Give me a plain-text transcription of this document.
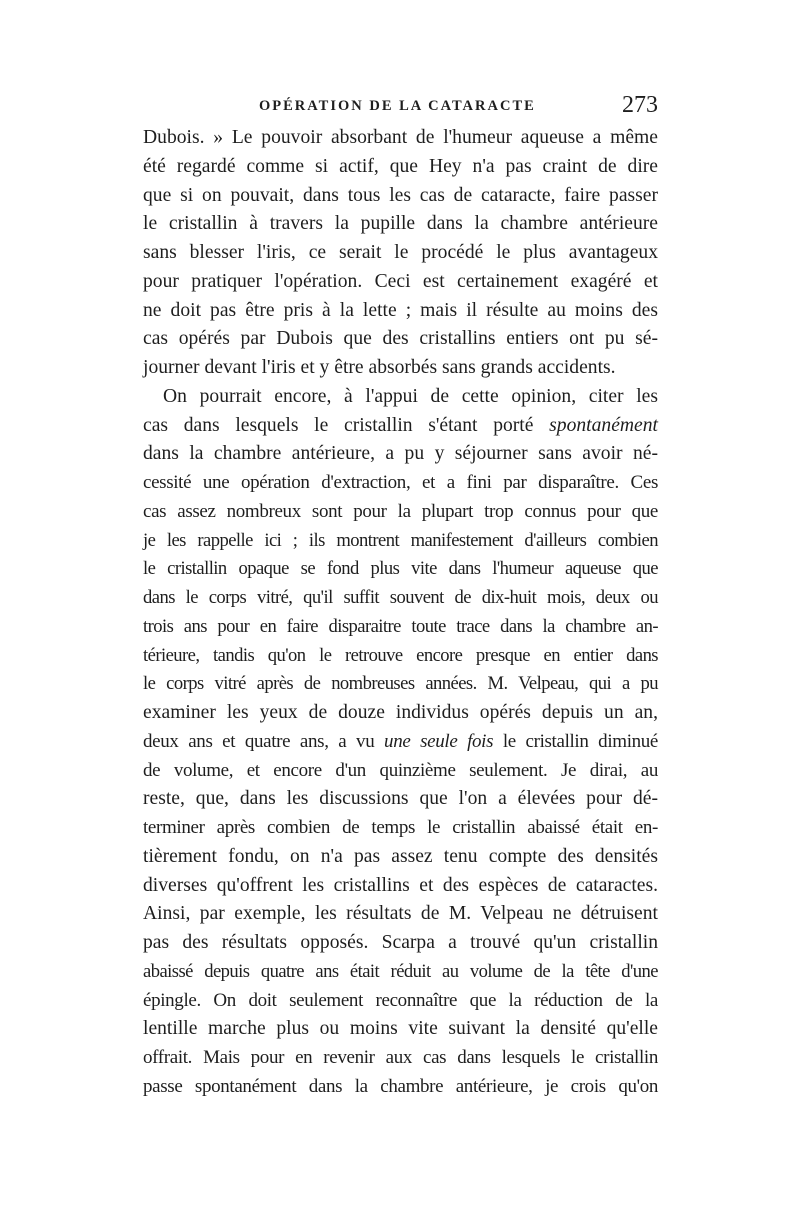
OPÉRATION DE LA CATARACTE	273
Dubois. » Le pouvoir absorbant de l'humeur aqueuse a même
été regardé comme si actif, que Hey n'a pas craint de dire
que si on pouvait, dans tous les cas de cataracte, faire passer
le cristallin à travers la pupille dans la chambre antérieure
sans blesser l'iris, ce serait le procédé le plus avantageux
pour pratiquer l'opération. Ceci est certainement exagéré et
ne doit pas être pris à la lette ; mais il résulte au moins des
cas opérés par Dubois que des cristallins entiers ont pu sé-
journer devant l'iris et y être absorbés sans grands accidents.
On pourrait encore, à l'appui de cette opinion, citer les
cas dans lesquels le cristallin s'étant porté spontanément
dans la chambre antérieure, a pu y séjourner sans avoir né-
cessité une opération d'extraction, et a fini par disparaître. Ces
cas assez nombreux sont pour la plupart trop connus pour que
je les rappelle ici ; ils montrent manifestement d'ailleurs combien
le cristallin opaque se fond plus vite dans l'humeur aqueuse que
dans le corps vitré, qu'il suffit souvent de dix-huit mois, deux ou
trois ans pour en faire disparaitre toute trace dans la chambre an-
térieure, tandis qu'on le retrouve encore presque en entier dans
le corps vitré après de nombreuses années. M. Velpeau, qui a pu
examiner les yeux de douze individus opérés depuis un an,
deux ans et quatre ans, a vu une seule fois le cristallin diminué
de volume, et encore d'un quinzième seulement. Je dirai, au
reste, que, dans les discussions que l'on a élevées pour dé-
terminer après combien de temps le cristallin abaissé était en-
tièrement fondu, on n'a pas assez tenu compte des densités
diverses qu'offrent les cristallins et des espèces de cataractes.
Ainsi, par exemple, les résultats de M. Velpeau ne détruisent
pas des résultats opposés. Scarpa a trouvé qu'un cristallin
abaissé depuis quatre ans était réduit au volume de la tête d'une
épingle. On doit seulement reconnaître que la réduction de la
lentille marche plus ou moins vite suivant la densité qu'elle
offrait. Mais pour en revenir aux cas dans lesquels le cristallin
passe spontanément dans la chambre antérieure, je crois qu'on
